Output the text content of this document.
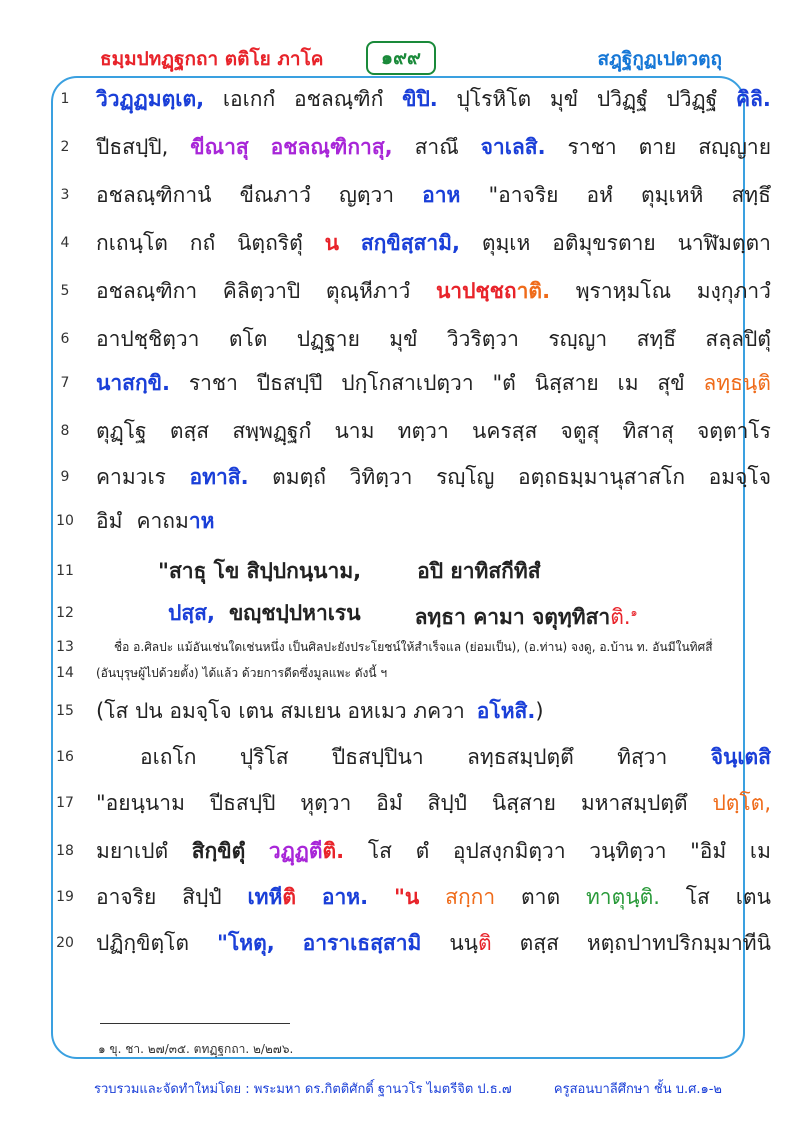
ธมฺมปทฏฺฐกถา ตติโย ภาโค	๑๙๙	สฎฺฐิกูฏเปตวตฺถุ
1	วิวฏฺฏมตฺเต, เอเกกํ อชลณฺฑิกํ ขิปิ. ปุโรหิโต มุขํ ปวิฏฺฐํ ปวิฏฺฐํ คิลิ.
2	ปีธสปฺปิ, ขีณาสุ อชลณฺฑิกาสุ, สาณึ จาเลสิ. ราชา ตาย สญฺญาย
3	อชลณฺฑิกานํ ขีณภาวํ ญตฺวา อาห "อาจริย อหํ ตุมฺเหหิ สทฺธึ
4	กเถนฺโต กถํ นิตฺถริตุํ น สกฺขิสฺสามิ, ตุมฺเห อติมุขรตาย นาฬิมตฺตา
5	อชลณฺฑิกา คิลิตฺวาปิ ตุณฺหีภาวํ นาปชฺชถาติ. พฺราหฺมโณ มงฺกุภาวํ
6	อาปชฺชิตฺวา ตโต ปฏฺฐาย มุขํ วิวริตฺวา รญฺญา สทฺธึ สลฺลปิตุํ
7	นาสกฺขิ. ราชา ปีธสปฺปึ ปกฺโกสาเปตฺวา "ตํ นิสฺสาย เม สุขํ ลทฺธนฺติ
8	ตุฏฺโฐ ตสฺส สพฺพฏฺฐกํ นาม ทตฺวา นครสฺส จตูสุ ทิสาสุ จตฺตาโร
9	คามวเร อทาสิ. ตมตฺถํ วิทิตฺวา รญฺโญ อตฺถธมฺมานุสาสโก อมจฺโจ
10 อิมํ คาถมาห
11	"สาธุ โข สิปฺปกนฺนาม,	อปิ ยาทิสกีทิสํ
12	ปสฺส, ขญฺชปฺปหาเรน	ลทฺธา คามา จตุทฺทิสาติ.$^๑$
13	ชื่อ อ.ศิลปะ แม้อันเช่นใดเช่นหนึ่ง เป็นศิลปะยังประโยชน์ให้สำเร็จแล (ย่อมเป็น), (อ.ท่าน) จงดู, อ.บ้าน ท. อันมีในทิศสี่
14 (อันบุรุษผู้ไปด้วยตั้ง) ได้แล้ว ด้วยการดีดซึ่งมูลแพะ ดังนี้ ฯ
15 (โส ปน อมจฺโจ เตน สมเยน อหเมว ภควา อโหสิ. )
16	อเถโก ปุริโส ปีธสปฺปินา ลทฺธสมฺปตฺตึ ทิสฺวา จินฺเตสิ
17 "อยนฺนาม ปีธสปฺปิ หุตฺวา อิมํ สิปฺปํ นิสฺสาย มหาสมฺปตฺตึ ปตฺโต,
18 มยาเปตํ สิกฺขิตุํ วฏฺฏตีติ. โส ตํ อุปสงฺกมิตฺวา วนฺทิตฺวา "อิมํ เม
19 อาจริย สิปฺปํ เทหีติ อาห. "น สกฺกา ตาต ทาตุนฺติ. โส เตน
20 ปฏิกฺขิตฺโต "โหตุ, อาราเธสฺสามิ นนฺติ ตสฺส หตฺถปาทปริกมฺมาทีนิ
๑ ขุ. ชา. ๒๗/๓๕. ตทฏฺฐกถา. ๒/๒๗๖.
รวบรวมและจัดทำใหม่โดย : พระมหา ดร.กิตติศักดิ์ ฐานวโร ไมตรีจิต ป.ธ.๗	ครูสอนบาลีศึกษา ชั้น บ.ศ.๑-๒
